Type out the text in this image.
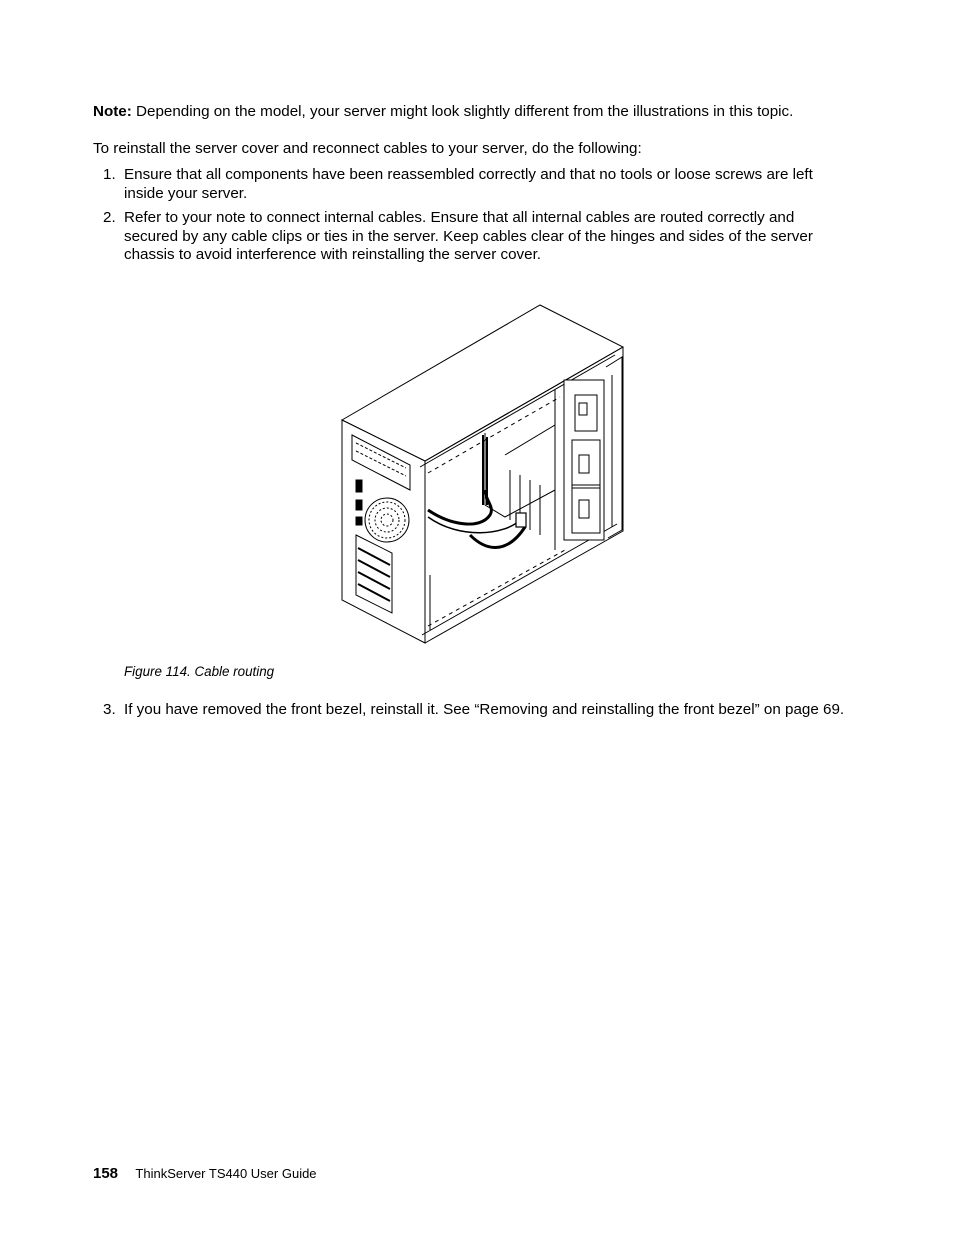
Note: Depending on the model, your server might look slightly different from the illustrations in this topic.

To reinstall the server cover and reconnect cables to your server, do the following:

1. Ensure that all components have been reassembled correctly and that no tools or loose screws are left inside your server.
2. Refer to your note to connect internal cables. Ensure that all internal cables are routed correctly and secured by any cable clips or ties in the server. Keep cables clear of the hinges and sides of the server chassis to avoid interference with reinstalling the server cover.
Figure 114. Cable routing
3. If you have removed the front bezel, reinstall it. See “Removing and reinstalling the front bezel” on page 69.
158 ThinkServer TS440 User Guide
